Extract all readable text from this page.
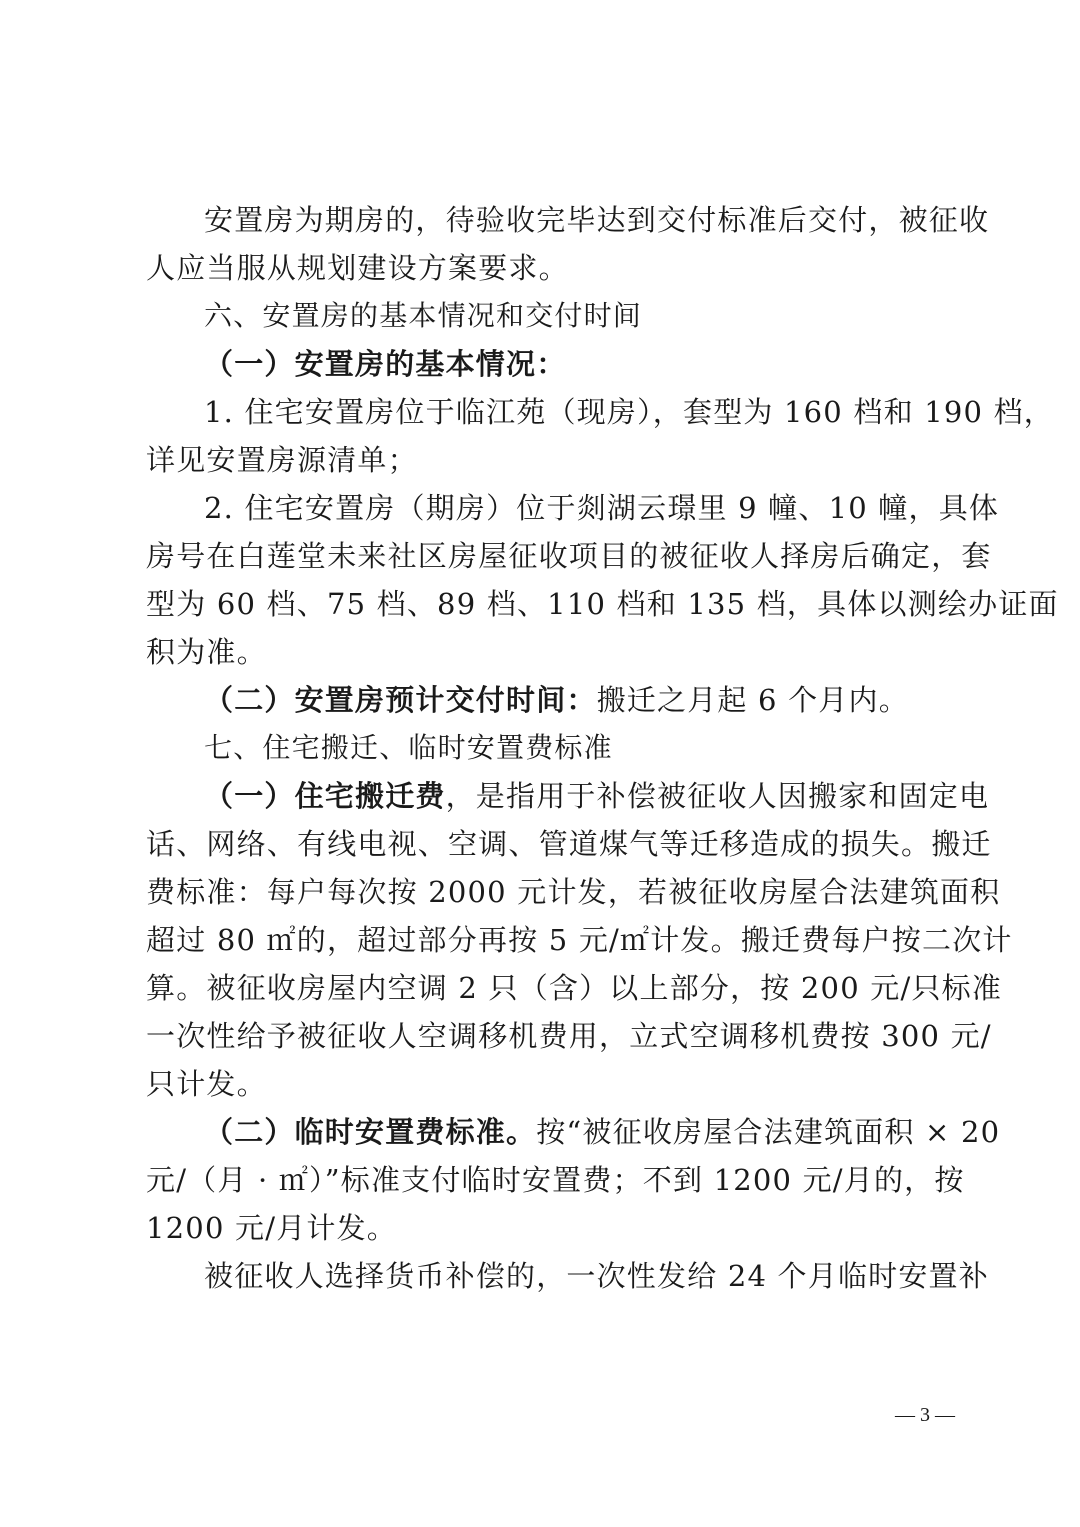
安置房为期房的，待验收完毕达到交付标准后交付，被征收
人应当服从规划建设方案要求。
六、安置房的基本情况和交付时间
（一）安置房的基本情况：
1. 住宅安置房位于临江苑（现房），套型为 160 档和 190 档，
详见安置房源清单；
2. 住宅安置房（期房）位于剡湖云璟里 9 幢、10 幢，具体
房号在白莲堂未来社区房屋征收项目的被征收人择房后确定，套
型为 60 档、75 档、89 档、110 档和 135 档，具体以测绘办证面
积为准。
（二）安置房预计交付时间：搬迁之月起 6 个月内。
七、住宅搬迁、临时安置费标准
（一）住宅搬迁费，是指用于补偿被征收人因搬家和固定电
话、网络、有线电视、空调、管道煤气等迁移造成的损失。搬迁
费标准：每户每次按 2000 元计发，若被征收房屋合法建筑面积
超过 80 ㎡的，超过部分再按 5 元/㎡计发。搬迁费每户按二次计
算。被征收房屋内空调 2 只（含）以上部分，按 200 元/只标准
一次性给予被征收人空调移机费用，立式空调移机费按 300 元/
只计发。
（二）临时安置费标准。按“被征收房屋合法建筑面积 × 20
元/（月 · ㎡）”标准支付临时安置费；不到 1200 元/月的，按
1200 元/月计发。
被征收人选择货币补偿的，一次性发给 24 个月临时安置补
— 3 —
